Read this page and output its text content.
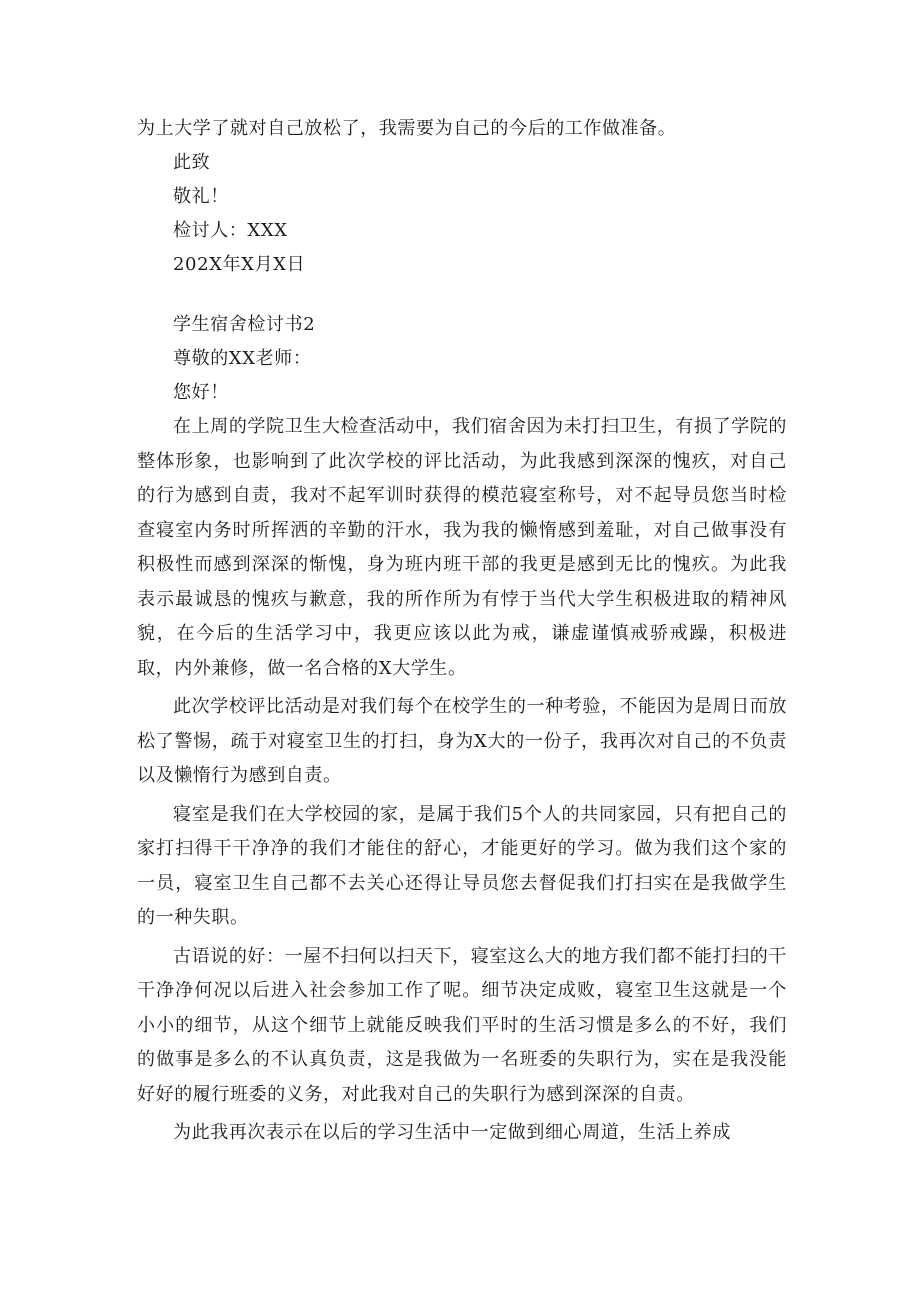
为上大学了就对自己放松了，我需要为自己的今后的工作做准备。
此致
敬礼！
检讨人：XXX
202X年X月X日
学生宿舍检讨书2
尊敬的XX老师：
您好！

在上周的学院卫生大检查活动中，我们宿舍因为未打扫卫生，有损了学院的整体形象，也影响到了此次学校的评比活动，为此我感到深深的愧疚，对自己的行为感到自责，我对不起军训时获得的模范寝室称号，对不起导员您当时检查寝室内务时所挥洒的辛勤的汗水，我为我的懒惰感到羞耻，对自己做事没有积极性而感到深深的惭愧，身为班内班干部的我更是感到无比的愧疚。为此我表示最诚恳的愧疚与歉意，我的所作所为有悖于当代大学生积极进取的精神风貌，在今后的生活学习中，我更应该以此为戒，谦虚谨慎戒骄戒躁，积极进取，内外兼修，做一名合格的X大学生。

此次学校评比活动是对我们每个在校学生的一种考验，不能因为是周日而放松了警惕，疏于对寝室卫生的打扫，身为X大的一份子，我再次对自己的不负责以及懒惰行为感到自责。

寝室是我们在大学校园的家，是属于我们5个人的共同家园，只有把自己的家打扫得干干净净的我们才能住的舒心，才能更好的学习。做为我们这个家的一员，寝室卫生自己都不去关心还得让导员您去督促我们打扫实在是我做学生的一种失职。

古语说的好：一屋不扫何以扫天下，寝室这么大的地方我们都不能打扫的干干净净何况以后进入社会参加工作了呢。细节决定成败，寝室卫生这就是一个小小的细节，从这个细节上就能反映我们平时的生活习惯是多么的不好，我们的做事是多么的不认真负责，这是我做为一名班委的失职行为，实在是我没能好好的履行班委的义务，对此我对自己的失职行为感到深深的自责。

为此我再次表示在以后的学习生活中一定做到细心周道，生活上养成
